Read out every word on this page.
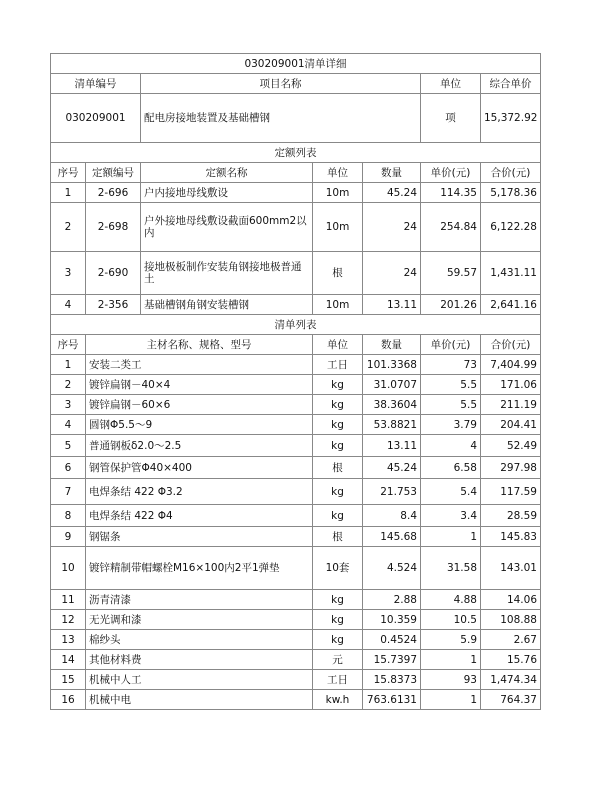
030209001清单详细						
清单编号		项目名称			单位	综合单价
030209001		配电房接地装置及基础槽钢			项	15,372.92
定额列表						
序号	定额编号	定额名称	单位	数量	单价(元)	合价(元)
1	2-696	户内接地母线敷设	10m	45.24	114.35	5,178.36
2	2-698	户外接地母线敷设截面600mm2以内	10m	24	254.84	6,122.28
3	2-690	接地极板制作安装角钢接地极普通土	根	24	59.57	1,431.11
4	2-356	基础槽钢角钢安装槽钢	10m	13.11	201.26	2,641.16
清单列表						
序号	主材名称、规格、型号		单位	数量	单价(元)	合价(元)
1	安装二类工		工日	101.3368	73	7,404.99
2	镀锌扁钢－40×4		kg	31.0707	5.5	171.06
3	镀锌扁钢－60×6		kg	38.3604	5.5	211.19
4	圆钢Φ5.5～9		kg	53.8821	3.79	204.41
5	普通钢板δ2.0～2.5		kg	13.11	4	52.49
6	钢管保护管Φ40×400		根	45.24	6.58	297.98
7	电焊条结 422 Φ3.2		kg	21.753	5.4	117.59
8	电焊条结 422 Φ4		kg	8.4	3.4	28.59
9	钢锯条		根	145.68	1	145.83
10	镀锌精制带帽螺栓M16×100内2平1弹垫		10套	4.524	31.58	143.01
11	沥青清漆		kg	2.88	4.88	14.06
12	无光调和漆		kg	10.359	10.5	108.88
13	棉纱头		kg	0.4524	5.9	2.67
14	其他材料费		元	15.7397	1	15.76
15	机械中人工		工日	15.8373	93	1,474.34
16	机械中电		kw.h	763.6131	1	764.37
